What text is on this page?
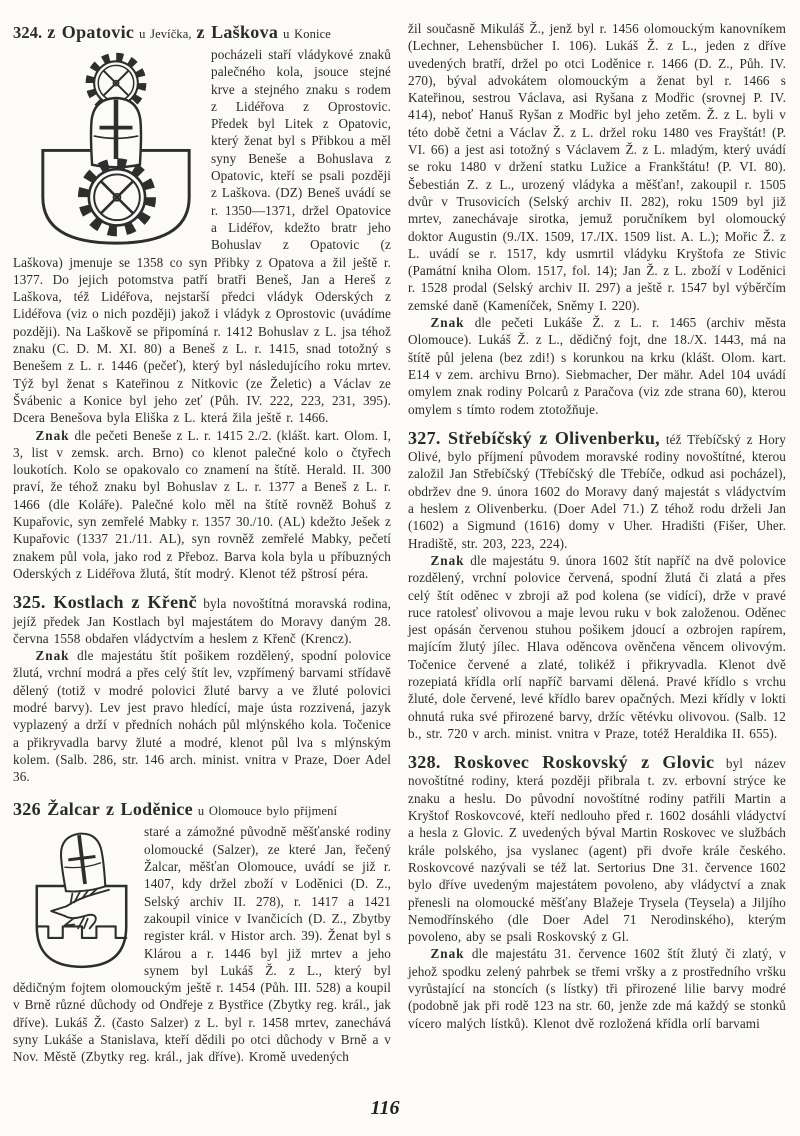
324. z Opatovic u Jevíčka, z Laškova u Konice

pocházeli staří vládykové znaků palečného kola, jsouce stejné krve a stejného znaku s rodem z Lidéřova z Oprostovic. Předek byl Litek z Opatovic, který ženat byl s Přibkou a měl syny Beneše a Bohuslava z Opatovic, kteří se psali později z Laškova. (DZ) Beneš uvádí se r. 1350—1371, držel Opatovice a Lidéřov, kdežto bratr jeho Bohuslav z Opatovic (z Laškova) jmenuje se 1358 co syn Přibky z Opatova a žil ještě r. 1377. Do jejich potomstva patří bratři Beneš, Jan a Hereš z Laškova, též Lidéřova, nejstarší předci vládyk Oderských z Lidéřova (viz o nich později) jakož i vládyk z Oprostovic (uvádíme později). Na Laškově se připomíná r. 1412 Bohuslav z L. jsa téhož znaku (C. D. M. XI. 80) a Beneš z L. r. 1415, snad totožný s Benešem z L. r. 1446 (pečeť), který byl následujícího roku mrtev. Týž byl ženat s Kateřinou z Nitkovic (ze Želetic) a Václav ze Švábenic a Konice byl jeho zeť (Půh. IV. 222, 223, 231, 395). Dcera Benešova byla Eliška z L. která žila ještě r. 1466.

Znak dle pečeti Beneše z L. r. 1415 2./2. (klášt. kart. Olom. I, 3, list v zemsk. arch. Brno) co klenot palečné kolo o čtyřech loukotích. Kolo se opakovalo co znamení na štítě. Herald. II. 300 praví, že téhož znaku byl Bohuslav z L. r. 1377 a Beneš z L. r. 1466 (dle Koláře). Palečné kolo měl na štítě rovněž Bohuš z Kupařovic, syn zemřelé Mabky r. 1357 30./10. (AL) kdežto Ješek z Kupařovic (1337 21./11. AL), syn rovněž zemřelé Mabky, pečetí znakem půl vola, jako rod z Přeboz. Barva kola byla u příbuzných Oderských z Lidéřova žlutá, štít modrý. Klenot též pštrosí péra.

325. Kostlach z Křenč byla novoštítná moravská rodina, jejíž předek Jan Kostlach byl majestátem do Moravy daným 28. června 1558 obdařen vládyctvím a heslem z Křenč (Krencz).

Znak dle majestátu štít pošikem rozdělený, spodní polovice žlutá, vrchní modrá a přes celý štít lev, vzpřímený barvami střídavě dělený (totiž v modré polovici žluté barvy a ve žluté polovici modré barvy). Lev jest pravo hledící, maje ústa rozzivená, jazyk vyplazený a drží v předních nohách půl mlýnského kola. Točenice a přikryvadla barvy žluté a modré, klenot půl lva s mlýnským kolem. (Salb. 286, str. 146 arch. minist. vnitra v Praze, Doer Adel 36.

326 Žalcar z Loděnice u Olomouce bylo příjmení

staré a zámožné původně měšťanské rodiny olomoucké (Salzer), ze které Jan, řečený Žalcar, měšťan Olomouce, uvádí se již r. 1407, kdy držel zboží v Loděnici (D. Z., Selský archiv II. 278), r. 1417 a 1421 zakoupil vinice v Ivančicích (D. Z., Zbytby register král. v Histor arch. 39). Ženat byl s Klárou a r. 1446 byl již mrtev a jeho synem byl Lukáš Ž. z L., který byl dědičným fojtem olomouckým ještě r. 1454 (Půh. III. 528) a koupil v Brně různé důchody od Ondřeje z Bystřice (Zbytky reg. král., jak dříve). Lukáš Ž. (často Salzer) z L. byl r. 1458 mrtev, zanechává syny Lukáše a Stanislava, kteří dědili po otci důchody v Brně a v Nov. Městě (Zbytky reg. král., jak dříve). Kromě uvedených

žil současně Mikuláš Ž., jenž byl r. 1456 olomouckým kanovníkem (Lechner, Lehensbücher I. 106). Lukáš Ž. z L., jeden z dříve uvedených bratří, držel po otci Loděnice r. 1466 (D. Z., Půh. IV. 270), býval advokátem olomouckým a ženat byl r. 1466 s Kateřinou, sestrou Václava, asi Ryšana z Modřic (srovnej P. IV. 414), neboť Hanuš Ryšan z Modřic byl jeho zetěm. Ž. z L. byli v této době četni a Václav Ž. z L. držel roku 1480 ves Frayštát! (P. VI. 66) a jest asi totožný s Václavem Ž. z L. mladým, který uvádí se roku 1480 v držení statku Lužice a Frankštátu! (P. VI. 80). Šebestián Z. z L., urozený vládyka a měšťan!, zakoupil r. 1505 dvůr v Trusovicích (Selský archiv II. 282), roku 1509 byl již mrtev, zanechávaje sirotka, jemuž poručníkem byl olomoucký doktor Augustin (9./IX. 1509, 17./IX. 1509 list. A. L.); Mořic Ž. z L. uvádí se r. 1517, kdy usmrtil vládyku Kryštofa ze Stivic (Památní kniha Olom. 1517, fol. 14); Jan Ž. z L. zboží v Loděnici r. 1528 prodal (Selský archiv II. 297) a ještě r. 1547 byl výběrčím zemské daně (Kameníček, Sněmy I. 220).

Znak dle pečeti Lukáše Ž. z L. r. 1465 (archiv města Olomouce). Lukáš Ž. z L., dědičný fojt, dne 18./X. 1443, má na štítě půl jelena (bez zdi!) s korunkou na krku (klášt. Olom. kart. E14 v zem. archivu Brno). Siebmacher, Der mähr. Adel 104 uvádí omylem znak rodiny Polcarů z Paračova (viz zde strana 60), kterou omylem s tímto rodem ztotožňuje.

327. Střebíčský z Olivenberku, též Třebíčský z Hory Olivé, bylo příjmení původem moravské rodiny novoštítné, kterou založil Jan Střebíčský (Třebíčský dle Třebíče, odkud asi pocházel), obdržev dne 9. února 1602 do Moravy daný majestát s vládyctvím a heslem z Olivenberku. (Doer Adel 71.) Z téhož rodu drželi Jan (1602) a Sigmund (1616) domy v Uher. Hradišti (Fišer, Uher. Hradiště, str. 203, 223, 224).

Znak dle majestátu 9. února 1602 štít napříč na dvě polovice rozdělený, vrchní polovice červená, spodní žlutá či zlatá a přes celý štít oděnec v zbroji až pod kolena (se vidící), drže v pravé ruce ratolesť olivovou a maje levou ruku v bok založenou. Oděnec jest opásán červenou stuhou pošikem jdoucí a ozbrojen rapírem, majícím žlutý jílec. Hlava oděncova ověnčena věncem olivovým. Točenice červené a zlaté, tolikéž i přikryvadla. Klenot dvě rozepiatá křídla orlí napříč barvami dělená. Pravé křídlo s vrchu žluté, dole červené, levé křídlo barev opačných. Mezi křídly v lokti ohnutá ruka své přirozené barvy, držíc větévku olivovou. (Salb. 12 b., str. 720 v arch. minist. vnitra v Praze, totéž Heraldika II. 655).

328. Roskovec Roskovský z Glovic byl název novoštítné rodiny, která později přibrala t. zv. erbovní strýce ke znaku a heslu. Do původní novoštítné rodiny patřili Martin a Kryštof Roskovcové, kteří nedlouho před r. 1602 dosáhli vládyctví a hesla z Glovic. Z uvedených býval Martin Roskovec ve službách krále polského, jsa vyslanec (agent) při dvoře krále českého. Roskovcové nazývali se též lat. Sertorius Dne 31. července 1602 bylo dříve uvedeným majestátem povoleno, aby vládyctví a znak přenesli na olomoucké měšťany Blažeje Trysela (Teysela) a Jiljího Nemodřínského (dle Doer Adel 71 Nerodinského), kterým povoleno, aby se psali Roskovský z Gl.

Znak dle majestátu 31. července 1602 štít žlutý či zlatý, v jehož spodku zelený pahrbek se třemi vršky a z prostředního vršku vyrůstající na stoncích (s lístky) tři přirozené lilie barvy modré (podobně jak při rodě 123 na str. 60, jenže zde má každý se stonků vícero malých lístků). Klenot dvě rozložená křídla orlí barvami

116
